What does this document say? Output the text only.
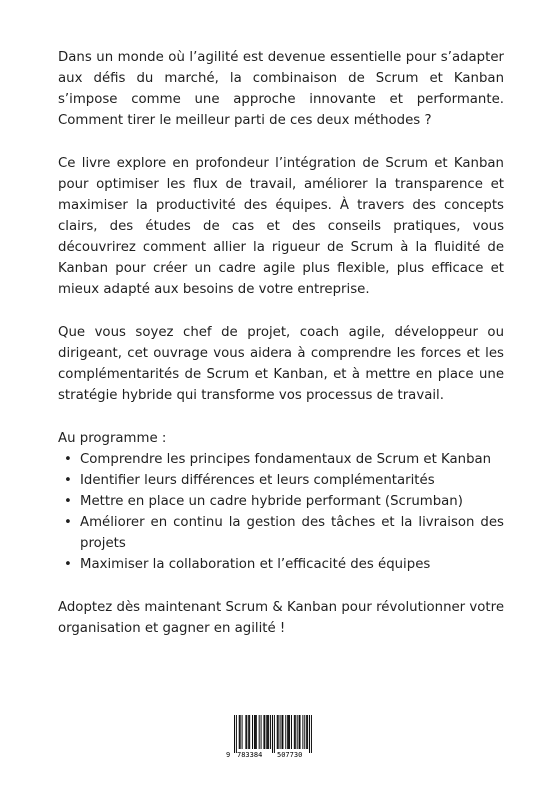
Dans un monde où l’agilité est devenue essentielle pour s’adapter aux défis du marché, la combinaison de Scrum et Kanban s’impose comme une approche innovante et performante. Comment tirer le meilleur parti de ces deux méthodes ?

Ce livre explore en profondeur l’intégration de Scrum et Kanban pour optimiser les flux de travail, améliorer la transparence et maximiser la productivité des équipes. À travers des concepts clairs, des études de cas et des conseils pratiques, vous découvrirez comment allier la rigueur de Scrum à la fluidité de Kanban pour créer un cadre agile plus flexible, plus efficace et mieux adapté aux besoins de votre entreprise.

Que vous soyez chef de projet, coach agile, développeur ou dirigeant, cet ouvrage vous aidera à comprendre les forces et les complémentarités de Scrum et Kanban, et à mettre en place une stratégie hybride qui transforme vos processus de travail.

Au programme :

• Comprendre les principes fondamentaux de Scrum et Kanban
• Identifier leurs différences et leurs complémentarités
• Mettre en place un cadre hybride performant (Scrumban)
• Améliorer en continu la gestion des tâches et la livraison des projets
• Maximiser la collaboration et l’efficacité des équipes

Adoptez dès maintenant Scrum & Kanban pour révolutionner votre organisation et gagner en agilité !

9 783384 507730
